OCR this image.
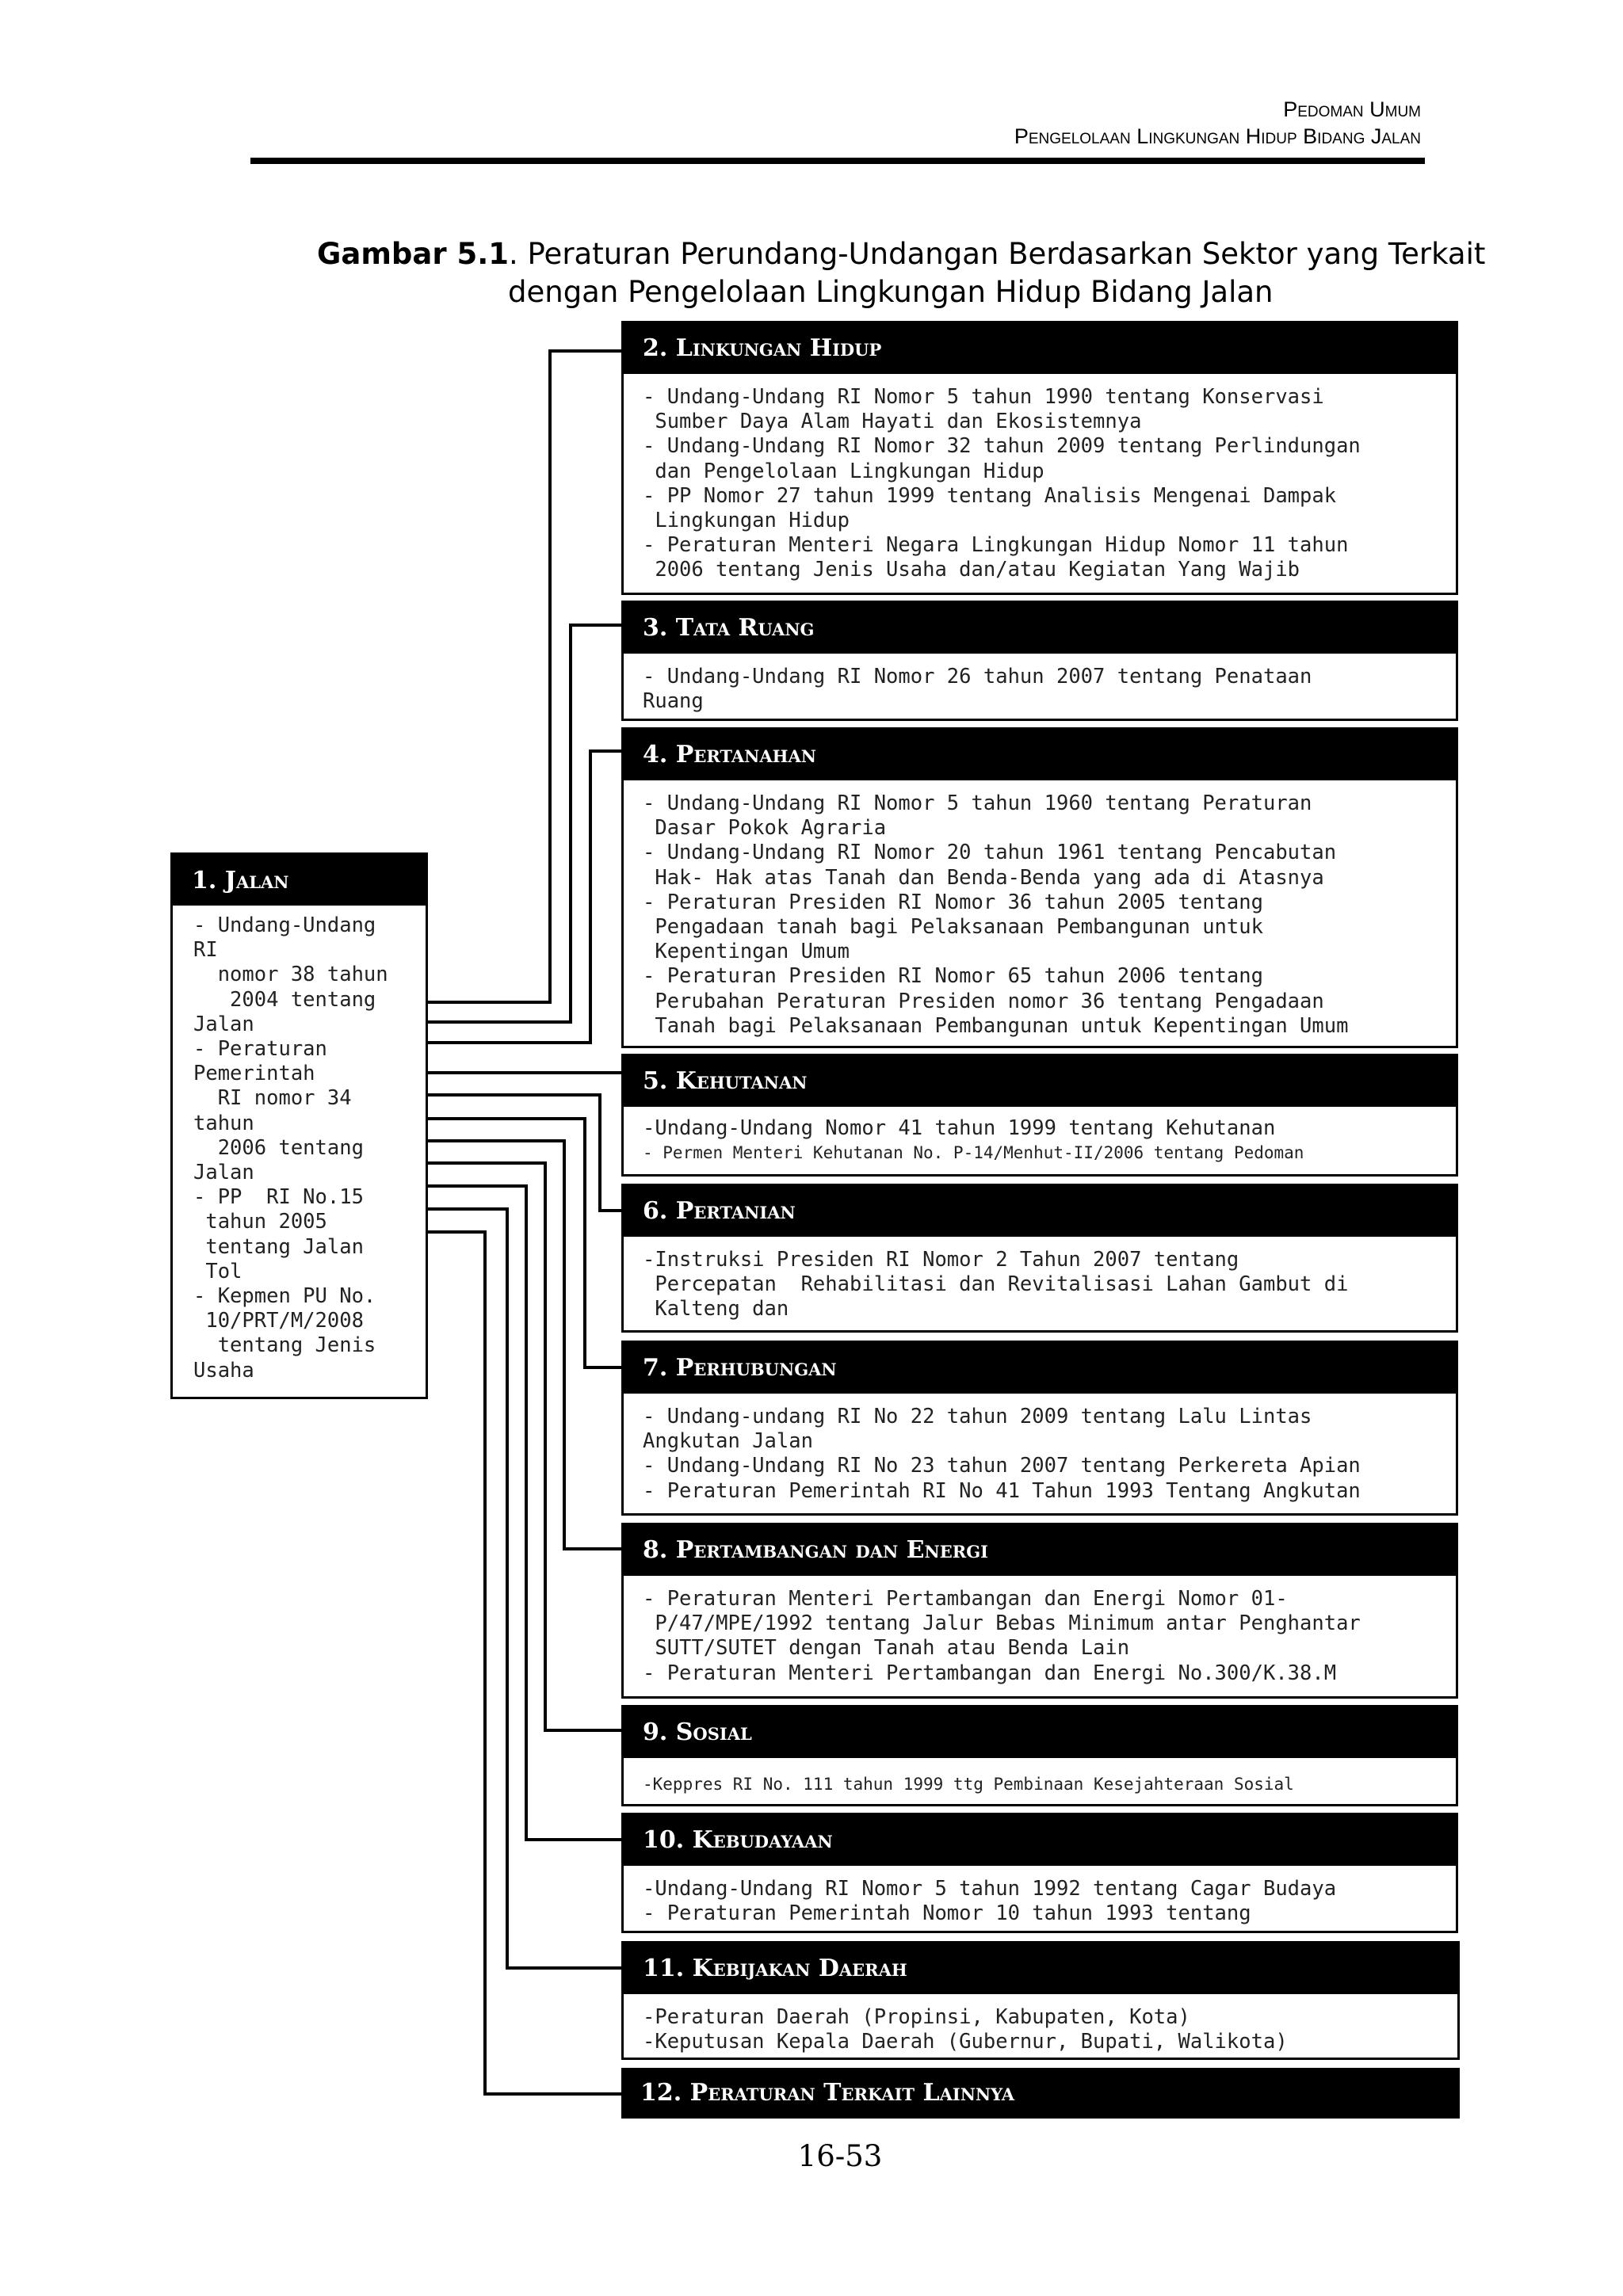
Pedoman Umum
Pengelolaan Lingkungan Hidup Bidang Jalan
Gambar 5.1. Peraturan Perundang-Undangan Berdasarkan Sektor yang Terkait
dengan Pengelolaan Lingkungan Hidup Bidang Jalan
1. Jalan
- Undang-Undang
RI
nomor 38 tahun
2004 tentang
Jalan
- Peraturan
Pemerintah
RI nomor 34
tahun
2006 tentang
Jalan
- PP  RI No.15
tahun 2005
tentang Jalan
Tol
- Kepmen PU No.
10/PRT/M/2008
tentang Jenis
Usaha
2. Linkungan Hidup
- Undang-Undang RI Nomor 5 tahun 1990 tentang Konservasi
Sumber Daya Alam Hayati dan Ekosistemnya
- Undang-Undang RI Nomor 32 tahun 2009 tentang Perlindungan
dan Pengelolaan Lingkungan Hidup
- PP Nomor 27 tahun 1999 tentang Analisis Mengenai Dampak
Lingkungan Hidup
- Peraturan Menteri Negara Lingkungan Hidup Nomor 11 tahun
2006 tentang Jenis Usaha dan/atau Kegiatan Yang Wajib
3. Tata Ruang
- Undang-Undang RI Nomor 26 tahun 2007 tentang Penataan
Ruang
4. Pertanahan
- Undang-Undang RI Nomor 5 tahun 1960 tentang Peraturan
Dasar Pokok Agraria
- Undang-Undang RI Nomor 20 tahun 1961 tentang Pencabutan
Hak- Hak atas Tanah dan Benda-Benda yang ada di Atasnya
- Peraturan Presiden RI Nomor 36 tahun 2005 tentang
Pengadaan tanah bagi Pelaksanaan Pembangunan untuk
Kepentingan Umum
- Peraturan Presiden RI Nomor 65 tahun 2006 tentang
Perubahan Peraturan Presiden nomor 36 tentang Pengadaan
Tanah bagi Pelaksanaan Pembangunan untuk Kepentingan Umum
5. Kehutanan
-Undang-Undang Nomor 41 tahun 1999 tentang Kehutanan
- Permen Menteri Kehutanan No. P-14/Menhut-II/2006 tentang Pedoman
6. Pertanian
-Instruksi Presiden RI Nomor 2 Tahun 2007 tentang
Percepatan  Rehabilitasi dan Revitalisasi Lahan Gambut di
Kalteng dan
7. Perhubungan
- Undang-undang RI No 22 tahun 2009 tentang Lalu Lintas
Angkutan Jalan
- Undang-Undang RI No 23 tahun 2007 tentang Perkereta Apian
- Peraturan Pemerintah RI No 41 Tahun 1993 Tentang Angkutan
8. Pertambangan dan Energi
- Peraturan Menteri Pertambangan dan Energi Nomor 01-
P/47/MPE/1992 tentang Jalur Bebas Minimum antar Penghantar
SUTT/SUTET dengan Tanah atau Benda Lain
- Peraturan Menteri Pertambangan dan Energi No.300/K.38.M
9. Sosial
-Keppres RI No. 111 tahun 1999 ttg Pembinaan Kesejahteraan Sosial
10. Kebudayaan
-Undang-Undang RI Nomor 5 tahun 1992 tentang Cagar Budaya
- Peraturan Pemerintah Nomor 10 tahun 1993 tentang
11. Kebijakan Daerah
-Peraturan Daerah (Propinsi, Kabupaten, Kota)
-Keputusan Kepala Daerah (Gubernur, Bupati, Walikota)
12. Peraturan Terkait Lainnya
16-53
